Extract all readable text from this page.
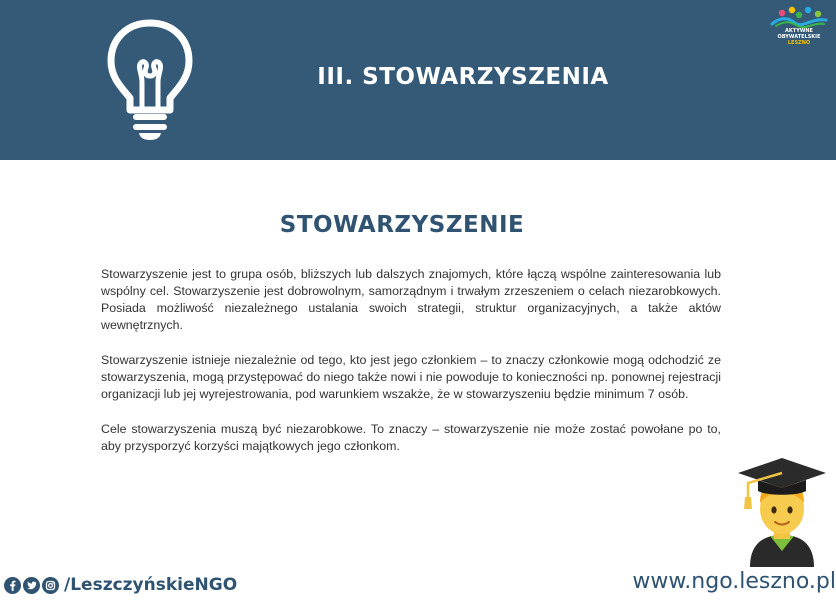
III. STOWARZYSZENIA
AKTYWNE
OBYWATELSKIE
LESZNO
STOWARZYSZENIE

Stowarzyszenie jest to grupa osób, bliższych lub dalszych znajomych, które łączą wspólne zainteresowania lub wspólny cel. Stowarzyszenie jest dobrowolnym, samorządnym i trwałym zrzeszeniem o celach niezarobkowych. Posiada możliwość niezależnego ustalania swoich strategii, struktur organizacyjnych, a także aktów wewnętrznych.

Stowarzyszenie istnieje niezależnie od tego, kto jest jego członkiem – to znaczy członkowie mogą odchodzić ze stowarzyszenia, mogą przystępować do niego także nowi i nie powoduje to konieczności np. ponownej rejestracji organizacji lub jej wyrejestrowania, pod warunkiem wszakże, że w stowarzyszeniu będzie minimum 7 osób.

Cele stowarzyszenia muszą być niezarobkowe. To znaczy – stowarzyszenie nie może zostać powołane po to, aby przysporzyć korzyści majątkowych jego członkom.

/LeszczyńskieNGO	www.ngo.leszno.pl
